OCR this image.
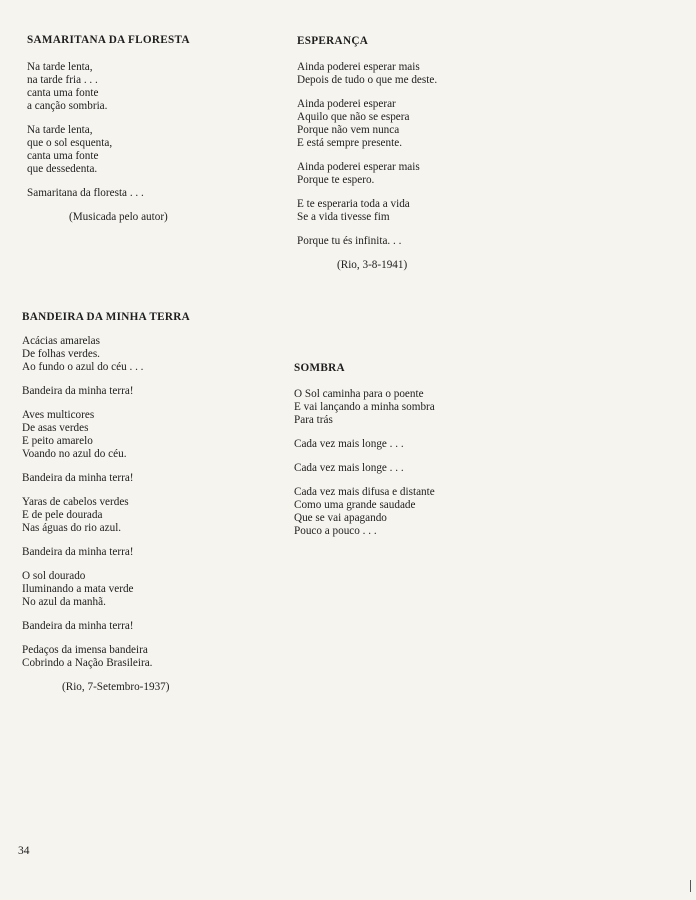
SAMARITANA DA FLORESTA
Na tarde lenta,
na tarde fria . . .
canta uma fonte
a canção sombria.
Na tarde lenta,
que o sol esquenta,
canta uma fonte
que dessedenta.
Samaritana da floresta . . .
(Musicada pelo autor)
ESPERANÇA
Ainda poderei esperar mais
Depois de tudo o que me deste.
Ainda poderei esperar
Aquilo que não se espera
Porque não vem nunca
E está sempre presente.
Ainda poderei esperar mais
Porque te espero.
E te esperaria toda a vida
Se a vida tivesse fim
Porque tu és infinita. . .
(Rio, 3-8-1941)
BANDEIRA DA MINHA TERRA
Acácias amarelas
De folhas verdes.
Ao fundo o azul do céu . . .
Bandeira da minha terra!
Aves multicores
De asas verdes
E peito amarelo
Voando no azul do céu.
Bandeira da minha terra!
Yaras de cabelos verdes
E de pele dourada
Nas águas do rio azul.
Bandeira da minha terra!
O sol dourado
Iluminando a mata verde
No azul da manhã.
Bandeira da minha terra!
Pedaços da imensa bandeira
Cobrindo a Nação Brasileira.
(Rio, 7-Setembro-1937)
SOMBRA
O Sol caminha para o poente
E vai lançando a minha sombra
Para trás
Cada vez mais longe . . .
Cada vez mais longe . . .
Cada vez mais difusa e distante
Como uma grande saudade
Que se vai apagando
Pouco a pouco . . .
34
